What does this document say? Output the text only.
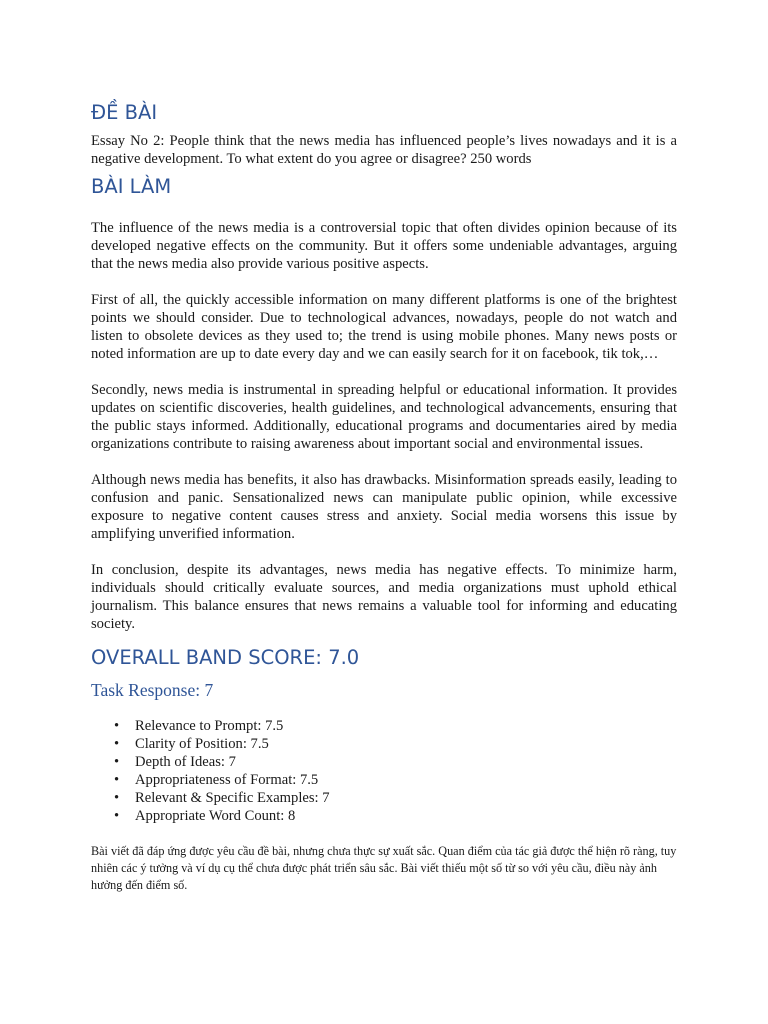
ĐỀ BÀI

Essay No 2: People think that the news media has influenced people’s lives nowadays and it is a negative development. To what extent do you agree or disagree? 250 words

BÀI LÀM

The influence of the news media is a controversial topic that often divides opinion because of its developed negative effects on the community. But it offers some undeniable advantages, arguing that the news media also provide various positive aspects.

First of all, the quickly accessible information on many different platforms is one of the brightest points we should consider. Due to technological advances, nowadays, people do not watch and listen to obsolete devices as they used to; the trend is using mobile phones. Many news posts or noted information are up to date every day and we can easily search for it on facebook, tik tok,…

Secondly, news media is instrumental in spreading helpful or educational information. It provides updates on scientific discoveries, health guidelines, and technological advancements, ensuring that the public stays informed. Additionally, educational programs and documentaries aired by media organizations contribute to raising awareness about important social and environmental issues.

Although news media has benefits, it also has drawbacks. Misinformation spreads easily, leading to confusion and panic. Sensationalized news can manipulate public opinion, while excessive exposure to negative content causes stress and anxiety. Social media worsens this issue by amplifying unverified information.

In conclusion, despite its advantages, news media has negative effects. To minimize harm, individuals should critically evaluate sources, and media organizations must uphold ethical journalism. This balance ensures that news remains a valuable tool for informing and educating society.

OVERALL BAND SCORE: 7.0
Task Response: 7
• Relevance to Prompt: 7.5
• Clarity of Position: 7.5
• Depth of Ideas: 7
• Appropriateness of Format: 7.5
• Relevant & Specific Examples: 7
• Appropriate Word Count: 8

Bài viết đã đáp ứng được yêu cầu đề bài, nhưng chưa thực sự xuất sắc. Quan điểm của tác giả được thể hiện rõ ràng, tuy nhiên các ý tưởng và ví dụ cụ thể chưa được phát triển sâu sắc. Bài viết thiếu một số từ so với yêu cầu, điều này ảnh hưởng đến điểm số.
